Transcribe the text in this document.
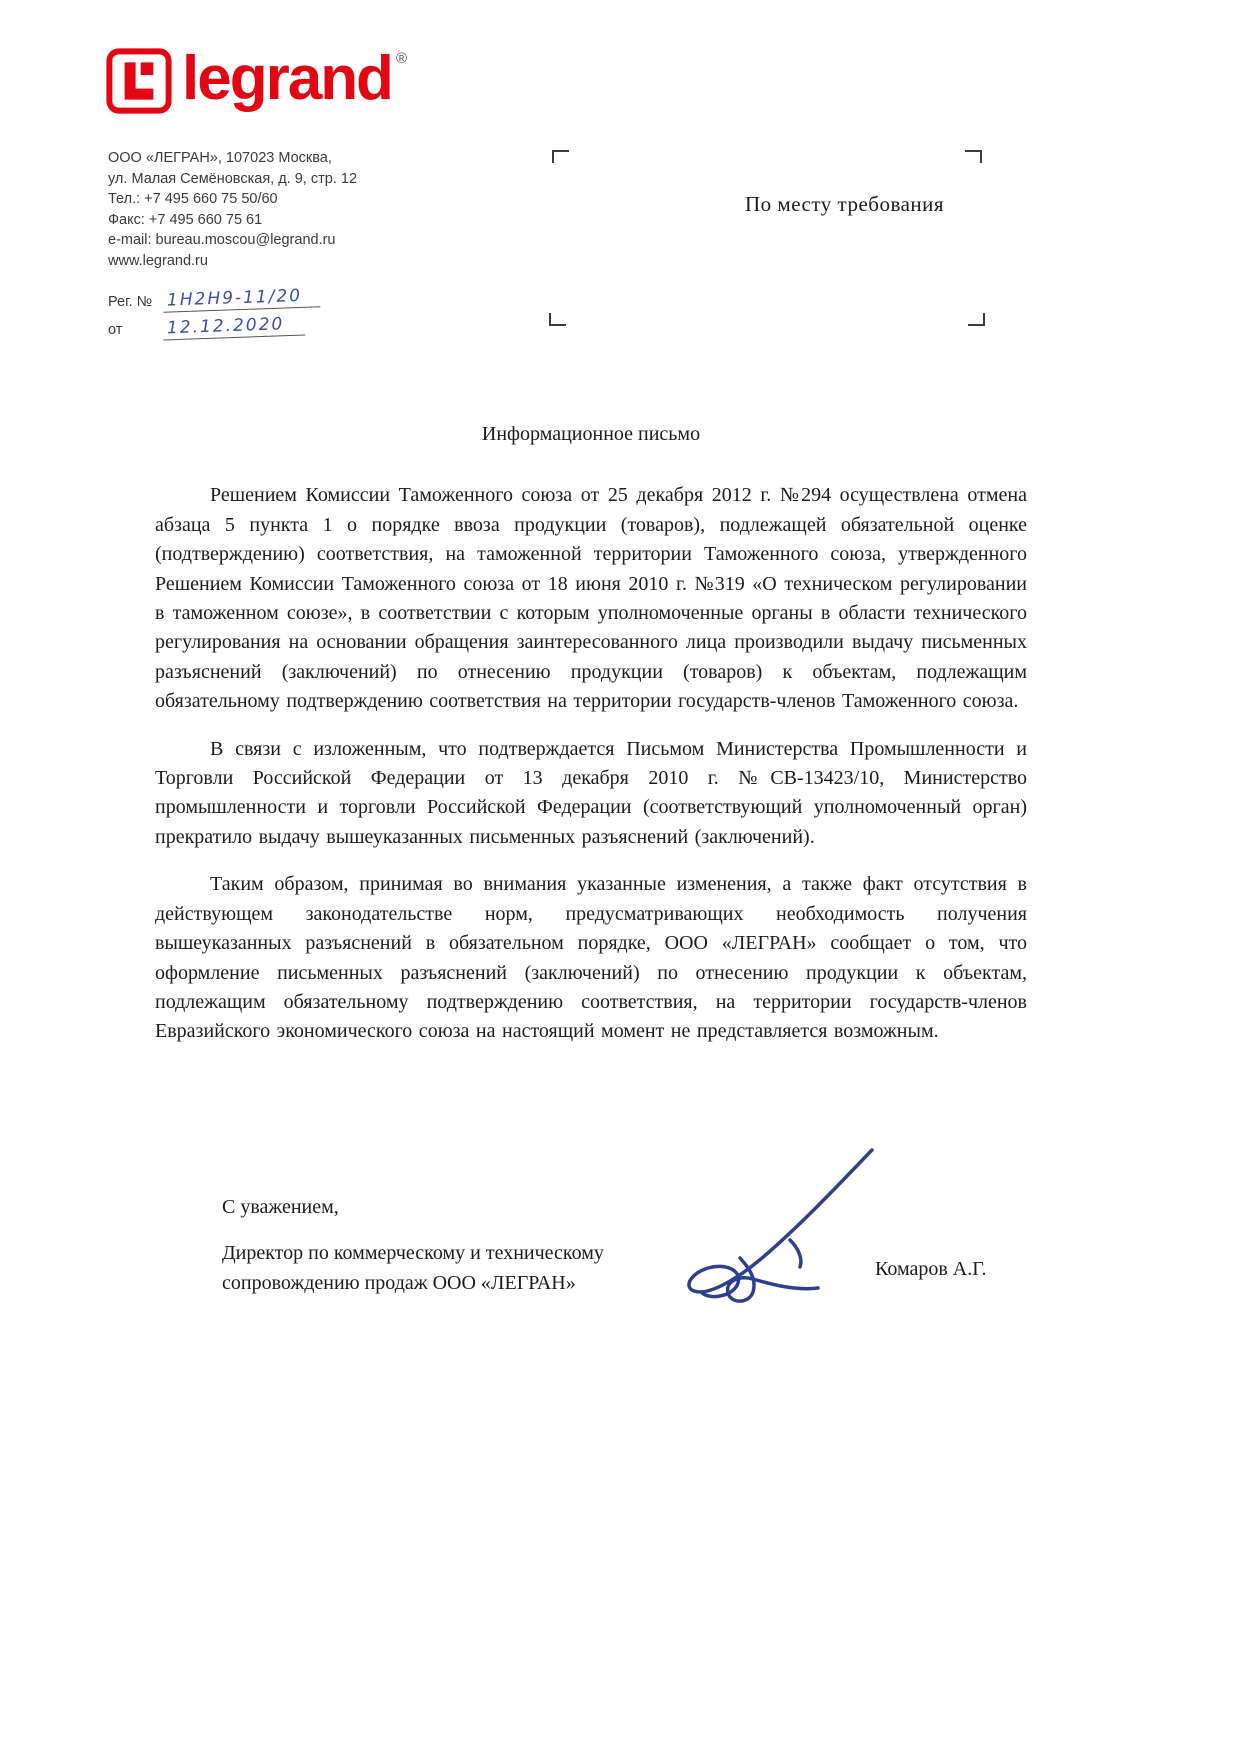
legrand ®
ООО «ЛЕГРАН», 107023 Москва,
ул. Малая Семёновская, д. 9, стр. 12
Тел.: +7 495 660 75 50/60
Факс: +7 495 660 75 61
e-mail: bureau.moscou@legrand.ru
www.legrand.ru
Рег. № 1Н2Н9-11/20
от	12.12.2020
По месту требования
Информационное письмо

Решением Комиссии Таможенного союза от 25 декабря 2012 г. №294 осуществлена отмена абзаца 5 пункта 1 о порядке ввоза продукции (товаров), подлежащей обязательной оценке (подтверждению) соответствия, на таможенной территории Таможенного союза, утвержденного Решением Комиссии Таможенного союза от 18 июня 2010 г. №319 «О техническом регулировании в таможенном союзе», в соответствии с которым уполномоченные органы в области технического регулирования на основании обращения заинтересованного лица производили выдачу письменных разъяснений (заключений) по отнесению продукции (товаров) к объектам, подлежащим обязательному подтверждению соответствия на территории государств-членов Таможенного союза.

В связи с изложенным, что подтверждается Письмом Министерства Промышленности и Торговли Российской Федерации от 13 декабря 2010 г. №СВ-13423/10, Министерство промышленности и торговли Российской Федерации (соответствующий уполномоченный орган) прекратило выдачу вышеуказанных письменных разъяснений (заключений).

Таким образом, принимая во внимания указанные изменения, а также факт отсутствия в действующем законодательстве норм, предусматривающих необходимость получения вышеуказанных разъяснений в обязательном порядке, ООО «ЛЕГРАН» сообщает о том, что оформление письменных разъяснений (заключений) по отнесению продукции к объектам, подлежащим обязательному подтверждению соответствия, на территории государств-членов Евразийского экономического союза на настоящий момент не представляется возможным.

С уважением,
Директор по коммерческому и техническому
сопровождению продаж ООО «ЛЕГРАН»
Комаров А.Г.
